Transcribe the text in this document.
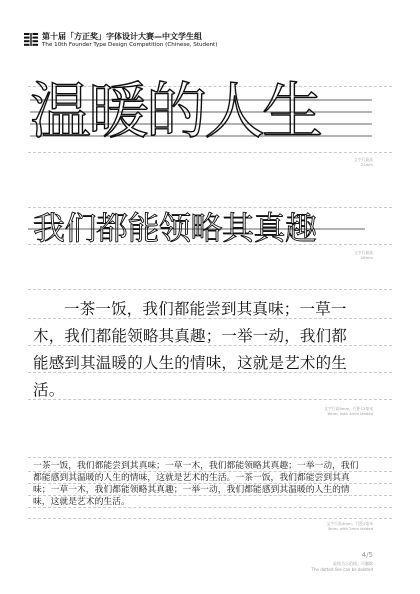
第十届「方正奖」字体设计大赛—中文学生组
The 10th Founder Type Design Competition (Chinese, Student)
温暖的人生
文字行最高
25mm
我们都能领略其真趣
文字行最高
18mm
一茶一饭，我们都能尝到其真味；一草一木，我们都能领略其真趣；一举一动，我们都能感到其温暖的人生的情味，这就是艺术的生活。
文字行高8mm，行距12毫米
8mm, with 4mm leaded
一茶一饭，我们都能尝到其真味；一草一木，我们都能领略其真趣；一举一动，我们都能感到其温暖的人生的情味，这就是艺术的生活。一茶一饭，我们都能尝到其真味；一草一木，我们都能领略其真趣；一举一动，我们都能感到其温暖的人生的情味，这就是艺术的生活。
文字行高4mm，行距2毫米
4mm, with 2mm leaded
4/5
虚线为示范线，可删除
The dotted line can be deleted
